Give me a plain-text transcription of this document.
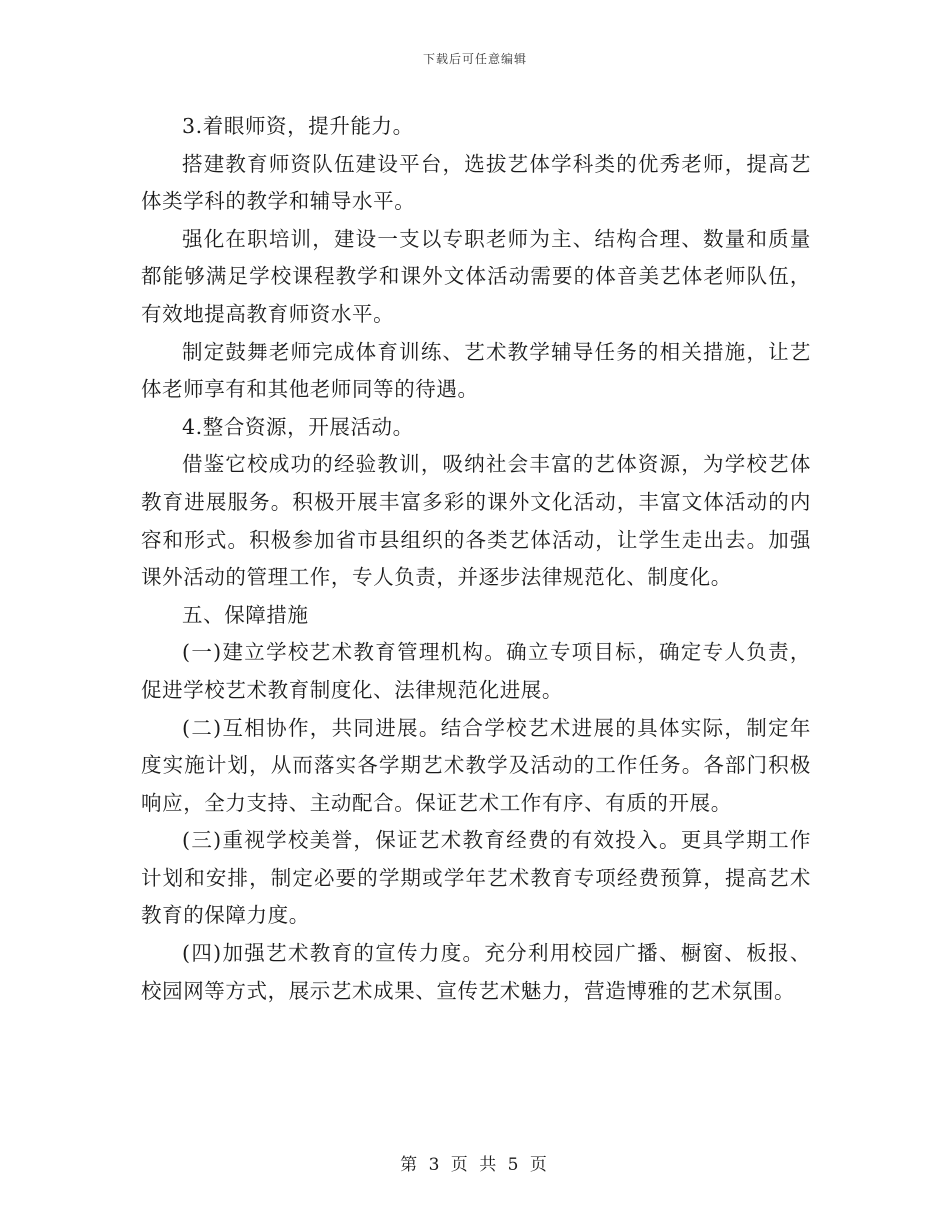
下载后可任意编辑

3.着眼师资，提升能力。

搭建教育师资队伍建设平台，选拔艺体学科类的优秀老师，提高艺体类学科的教学和辅导水平。

强化在职培训，建设一支以专职老师为主、结构合理、数量和质量都能够满足学校课程教学和课外文体活动需要的体音美艺体老师队伍，有效地提高教育师资水平。

制定鼓舞老师完成体育训练、艺术教学辅导任务的相关措施，让艺体老师享有和其他老师同等的待遇。

4.整合资源，开展活动。

借鉴它校成功的经验教训，吸纳社会丰富的艺体资源，为学校艺体教育进展服务。积极开展丰富多彩的课外文化活动，丰富文体活动的内容和形式。积极参加省市县组织的各类艺体活动，让学生走出去。加强课外活动的管理工作，专人负责，并逐步法律规范化、制度化。

五、保障措施

(一)建立学校艺术教育管理机构。确立专项目标，确定专人负责，促进学校艺术教育制度化、法律规范化进展。

(二)互相协作，共同进展。结合学校艺术进展的具体实际，制定年度实施计划，从而落实各学期艺术教学及活动的工作任务。各部门积极响应，全力支持、主动配合。保证艺术工作有序、有质的开展。

(三)重视学校美誉，保证艺术教育经费的有效投入。更具学期工作计划和安排，制定必要的学期或学年艺术教育专项经费预算，提高艺术教育的保障力度。

(四)加强艺术教育的宣传力度。充分利用校园广播、橱窗、板报、校园网等方式，展示艺术成果、宣传艺术魅力，营造博雅的艺术氛围。

第 3 页 共 5 页
